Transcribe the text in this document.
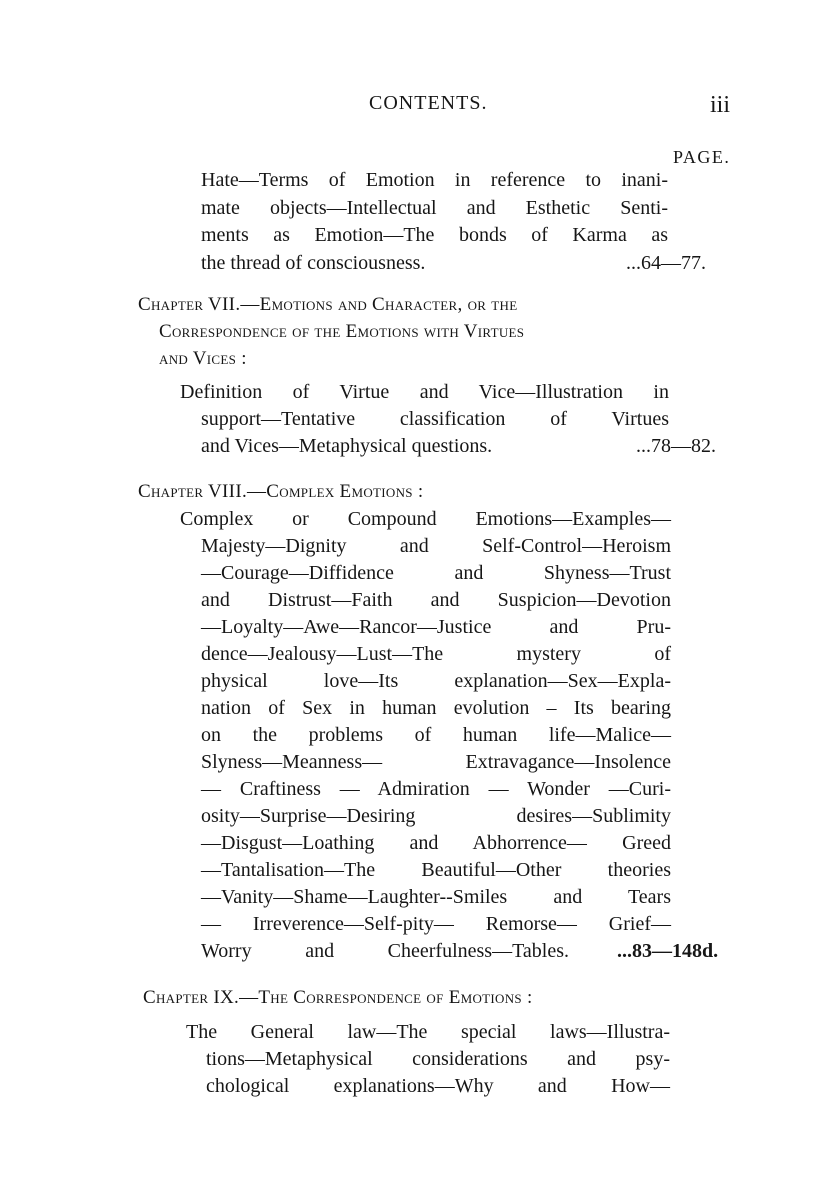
CONTENTS.	iii
PAGE.
Hate—Terms of Emotion in reference to inani-
mate objects—Intellectual and Esthetic Senti-
ments as Emotion—The bonds of Karma as
the thread of consciousness.	...64—77.
Chapter VII.—Emotions and Character, or the
Correspondence of the Emotions with Virtues
and Vices :
Definition of Virtue and Vice—Illustration in
support—Tentative classification of Virtues
and Vices—Metaphysical questions.	...78—82.
Chapter VIII.—Complex Emotions :
Complex or Compound Emotions—Examples—
Majesty—Dignity and Self-Control—Heroism
—Courage—Diffidence and Shyness—Trust
and Distrust—Faith and Suspicion—Devotion
—Loyalty—Awe—Rancor—Justice and Pru-
dence—Jealousy—Lust—The mystery of
physical love—Its explanation—Sex—Expla-
nation of Sex in human evolution – Its bearing
on the problems of human life—Malice—
Slyness—Meanness— Extravagance—Insolence
— Craftiness — Admiration — Wonder —Curi-
osity—Surprise—Desiring desires—Sublimity
—Disgust—Loathing and Abhorrence— Greed
—Tantalisation—The Beautiful—Other theories
—Vanity—Shame—Laughter--Smiles and Tears
— Irreverence—Self-pity— Remorse— Grief—
Worry and Cheerfulness—Tables. ...83—148d.
Chapter IX.—The Correspondence of Emotions :
The General law—The special laws—Illustra-
tions—Metaphysical considerations and psy-
chological explanations—Why and How—
